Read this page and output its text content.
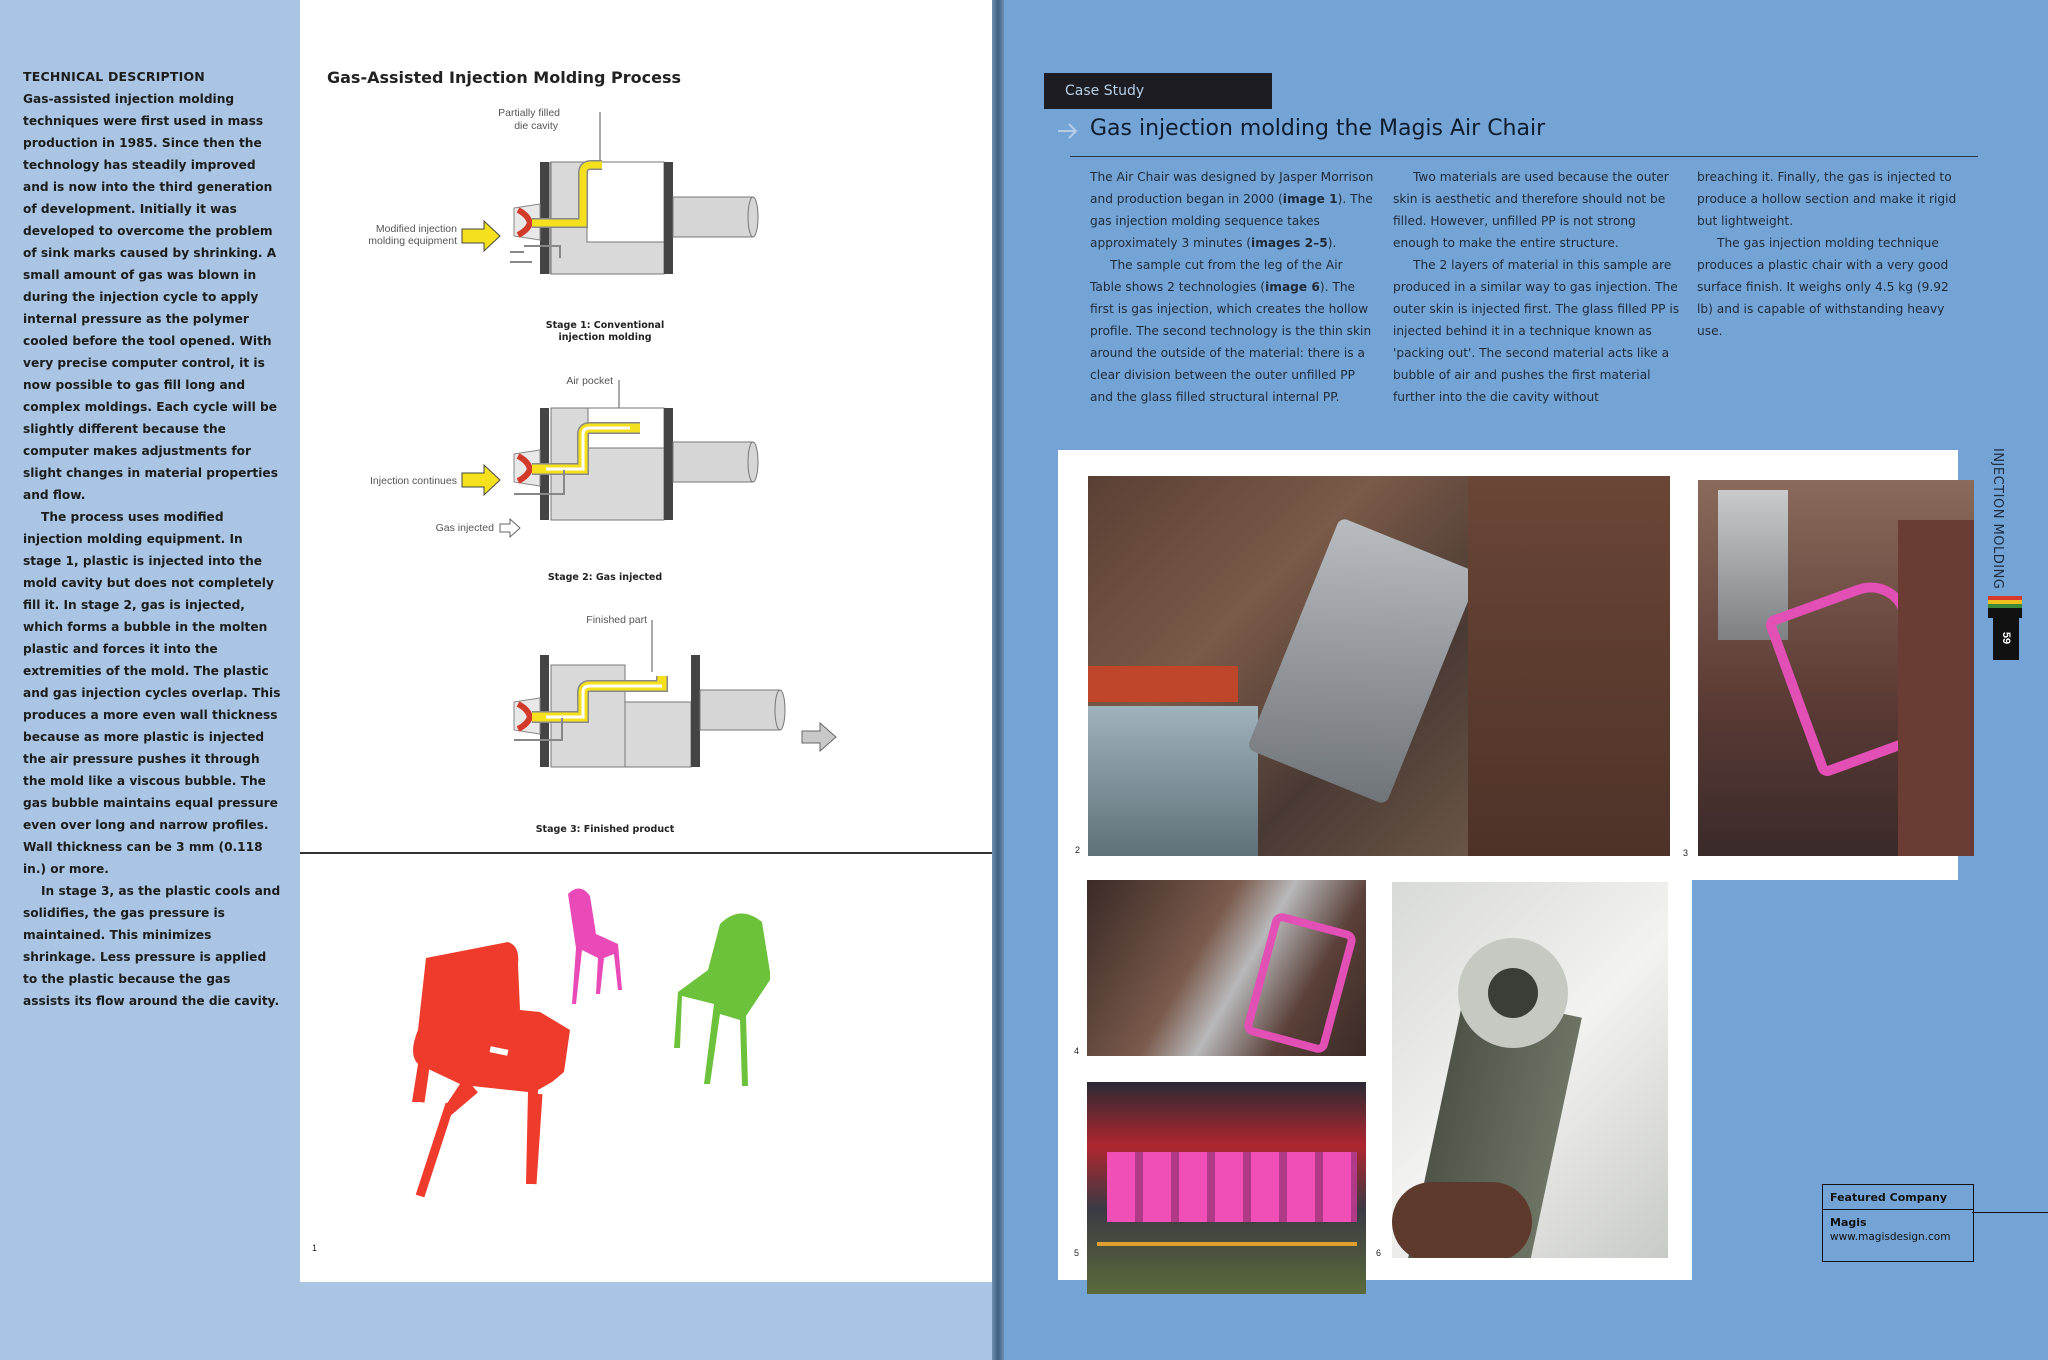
TECHNICAL DESCRIPTION

Gas-assisted injection molding techniques were first used in mass production in 1985. Since then the technology has steadily improved and is now into the third generation of development. Initially it was developed to overcome the problem of sink marks caused by shrinking. A small amount of gas was blown in during the injection cycle to apply internal pressure as the polymer cooled before the tool opened. With very precise computer control, it is now possible to gas fill long and complex moldings. Each cycle will be slightly different because the computer makes adjustments for slight changes in material properties and flow.

The process uses modified injection molding equipment. In stage 1, plastic is injected into the mold cavity but does not completely fill it. In stage 2, gas is injected, which forms a bubble in the molten plastic and forces it into the extremities of the mold. The plastic and gas injection cycles overlap. This produces a more even wall thickness because as more plastic is injected the air pressure pushes it through the mold like a viscous bubble. The gas bubble maintains equal pressure even over long and narrow profiles. Wall thickness can be 3 mm (0.118 in.) or more.

In stage 3, as the plastic cools and solidifies, the gas pressure is maintained. This minimizes shrinkage. Less pressure is applied to the plastic because the gas assists its flow around the die cavity.

Gas-Assisted Injection Molding Process
Partially filled
die cavity
Modified injection
molding equipment
Stage 1: Conventional
injection molding
Air pocket
Injection continues
Gas injected
Stage 2: Gas injected
Finished part
Stage 3: Finished product
1
Case Study
Gas injection molding the Magis Air Chair

The Air Chair was designed by Jasper Morrison and production began in 2000 (image 1). The gas injection molding sequence takes approximately 3 minutes (images 2–5).

The sample cut from the leg of the Air Table shows 2 technologies (image 6). The first is gas injection, which creates the hollow profile. The second technology is the thin skin around the outside of the material: there is a clear division between the outer unfilled PP and the glass filled structural internal PP.

Two materials are used because the outer skin is aesthetic and therefore should not be filled. However, unfilled PP is not strong enough to make the entire structure.

The 2 layers of material in this sample are produced in a similar way to gas injection. The outer skin is injected first. The glass filled PP is injected behind it in a technique known as 'packing out'. The second material acts like a bubble of air and pushes the first material further into the die cavity without

breaching it. Finally, the gas is injected to produce a hollow section and make it rigid but lightweight.

The gas injection molding technique produces a plastic chair with a very good surface finish. It weighs only 4.5 kg (9.92 lb) and is capable of withstanding heavy use.

2	3
4
5	6
INJECTION MOLDING
59
Featured Company
Magis
www.magisdesign.com
